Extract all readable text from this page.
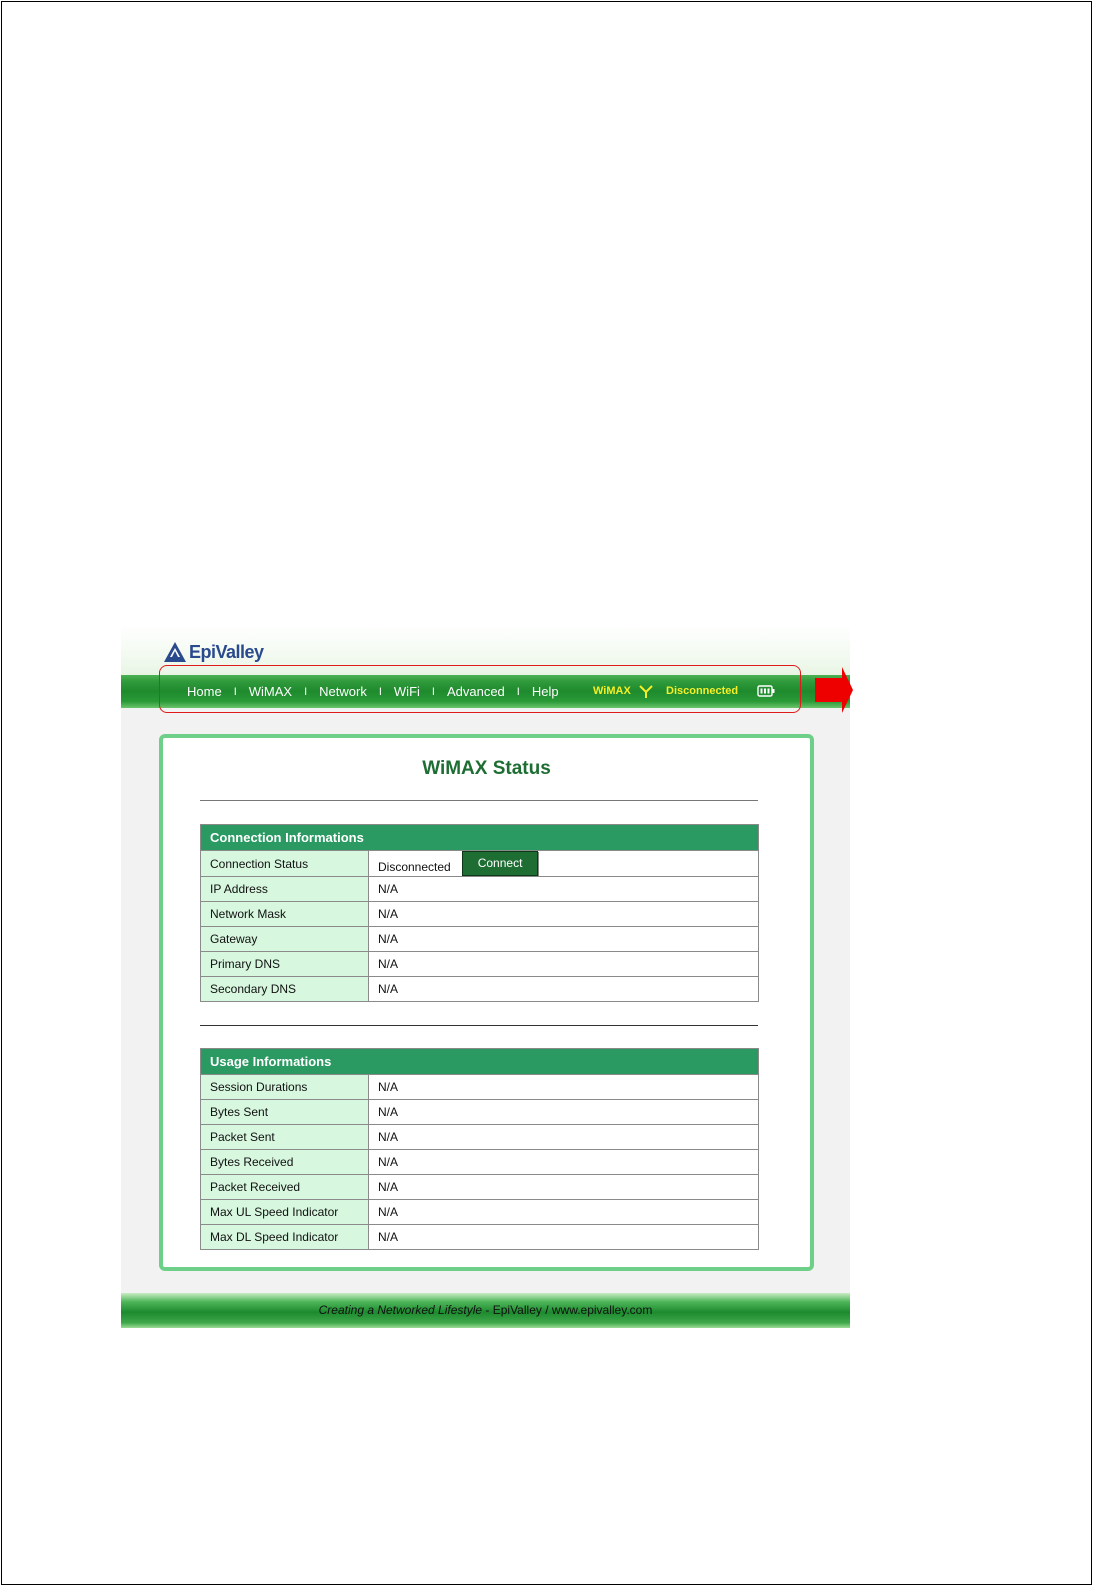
EpiValley
Home I WiMAX I Network I WiFi I Advanced I Help	WiMAX	Disconnected
WiMAX Status
Connection Informations	
Connection Status	Disconnected Connect
IP Address	N/A
Network Mask	N/A
Gateway	N/A
Primary DNS	N/A
Secondary DNS	N/A
Usage Informations	
Session Durations	N/A
Bytes Sent	N/A
Packet Sent	N/A
Bytes Received	N/A
Packet Received	N/A
Max UL Speed Indicator	N/A
Max DL Speed Indicator	N/A
Creating a Networked Lifestyle - EpiValley / www.epivalley.com
